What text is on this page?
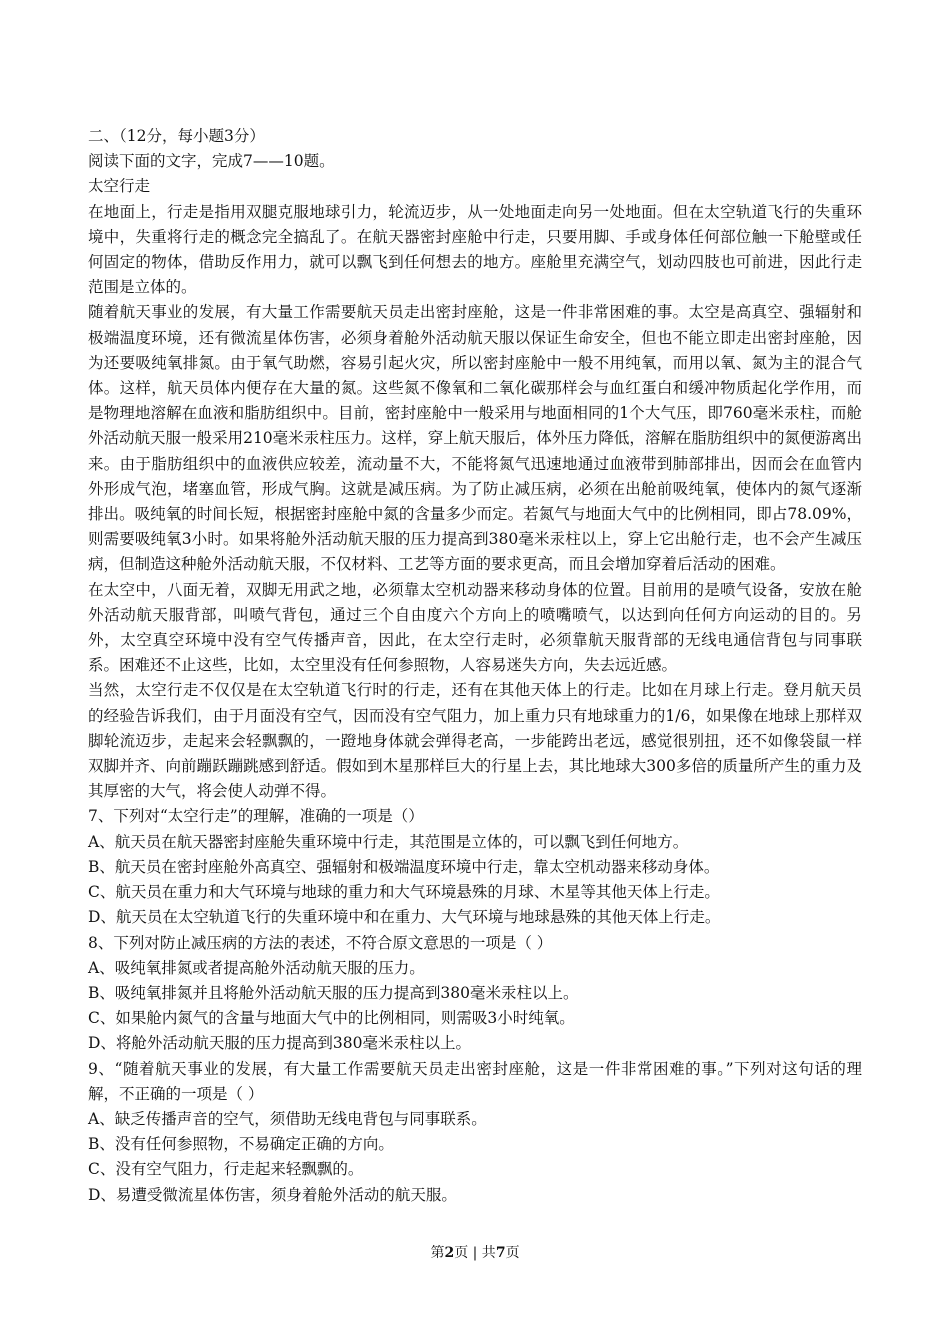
二、（12分，每小题3分）

阅读下面的文字，完成7——10题。

太空行走

在地面上，行走是指用双腿克服地球引力，轮流迈步，从一处地面走向另一处地面。但在太空轨道飞行的失重环境中，失重将行走的概念完全搞乱了。在航天器密封座舱中行走，只要用脚、手或身体任何部位触一下舱壁或任何固定的物体，借助反作用力，就可以飘飞到任何想去的地方。座舱里充满空气，划动四肢也可前进，因此行走范围是立体的。

随着航天事业的发展，有大量工作需要航天员走出密封座舱，这是一件非常困难的事。太空是高真空、强辐射和极端温度环境，还有微流星体伤害，必须身着舱外活动航天服以保证生命安全，但也不能立即走出密封座舱，因为还要吸纯氧排氮。由于氧气助燃，容易引起火灾，所以密封座舱中一般不用纯氧，而用以氧、氮为主的混合气体。这样，航天员体内便存在大量的氮。这些氮不像氧和二氧化碳那样会与血红蛋白和缓冲物质起化学作用，而是物理地溶解在血液和脂肪组织中。目前，密封座舱中一般采用与地面相同的1个大气压，即760毫米汞柱，而舱外活动航天服一般采用210毫米汞柱压力。这样，穿上航天服后，体外压力降低，溶解在脂肪组织中的氮便游离出来。由于脂肪组织中的血液供应较差，流动量不大，不能将氮气迅速地通过血液带到肺部排出，因而会在血管内外形成气泡，堵塞血管，形成气胸。这就是减压病。为了防止减压病，必须在出舱前吸纯氧，使体内的氮气逐渐排出。吸纯氧的时间长短，根据密封座舱中氮的含量多少而定。若氮气与地面大气中的比例相同，即占78.09%，则需要吸纯氧3小时。如果将舱外活动航天服的压力提高到380毫米汞柱以上，穿上它出舱行走，也不会产生减压病，但制造这种舱外活动航天服，不仅材料、工艺等方面的要求更高，而且会增加穿着后活动的困难。

在太空中，八面无着，双脚无用武之地，必须靠太空机动器来移动身体的位置。目前用的是喷气设备，安放在舱外活动航天服背部，叫喷气背包，通过三个自由度六个方向上的喷嘴喷气，以达到向任何方向运动的目的。另外，太空真空环境中没有空气传播声音，因此，在太空行走时，必须靠航天服背部的无线电通信背包与同事联系。困难还不止这些，比如，太空里没有任何参照物，人容易迷失方向，失去远近感。

当然，太空行走不仅仅是在太空轨道飞行时的行走，还有在其他天体上的行走。比如在月球上行走。登月航天员的经验告诉我们，由于月面没有空气，因而没有空气阻力，加上重力只有地球重力的1/6，如果像在地球上那样双脚轮流迈步，走起来会轻飘飘的，一蹬地身体就会弹得老高，一步能跨出老远，感觉很别扭，还不如像袋鼠一样双脚并齐、向前蹦跃蹦跳感到舒适。假如到木星那样巨大的行星上去，其比地球大300多倍的质量所产生的重力及其厚密的大气，将会使人动弹不得。

7、下列对“太空行走”的理解，准确的一项是（）

A、航天员在航天器密封座舱失重环境中行走，其范围是立体的，可以飘飞到任何地方。

B、航天员在密封座舱外高真空、强辐射和极端温度环境中行走，靠太空机动器来移动身体。

C、航天员在重力和大气环境与地球的重力和大气环境悬殊的月球、木星等其他天体上行走。

D、航天员在太空轨道飞行的失重环境中和在重力、大气环境与地球悬殊的其他天体上行走。

8、下列对防止减压病的方法的表述，不符合原文意思的一项是（ ）

A、吸纯氧排氮或者提高舱外活动航天服的压力。

B、吸纯氧排氮并且将舱外活动航天服的压力提高到380毫米汞柱以上。

C、如果舱内氮气的含量与地面大气中的比例相同，则需吸3小时纯氧。

D、将舱外活动航天服的压力提高到380毫米汞柱以上。

9、“随着航天事业的发展，有大量工作需要航天员走出密封座舱，这是一件非常困难的事。”下列对这句话的理解，不正确的一项是（ ）

A、缺乏传播声音的空气，须借助无线电背包与同事联系。

B、没有任何参照物，不易确定正确的方向。

C、没有空气阻力，行走起来轻飘飘的。

D、易遭受微流星体伤害，须身着舱外活动的航天服。

第2页 | 共7页
